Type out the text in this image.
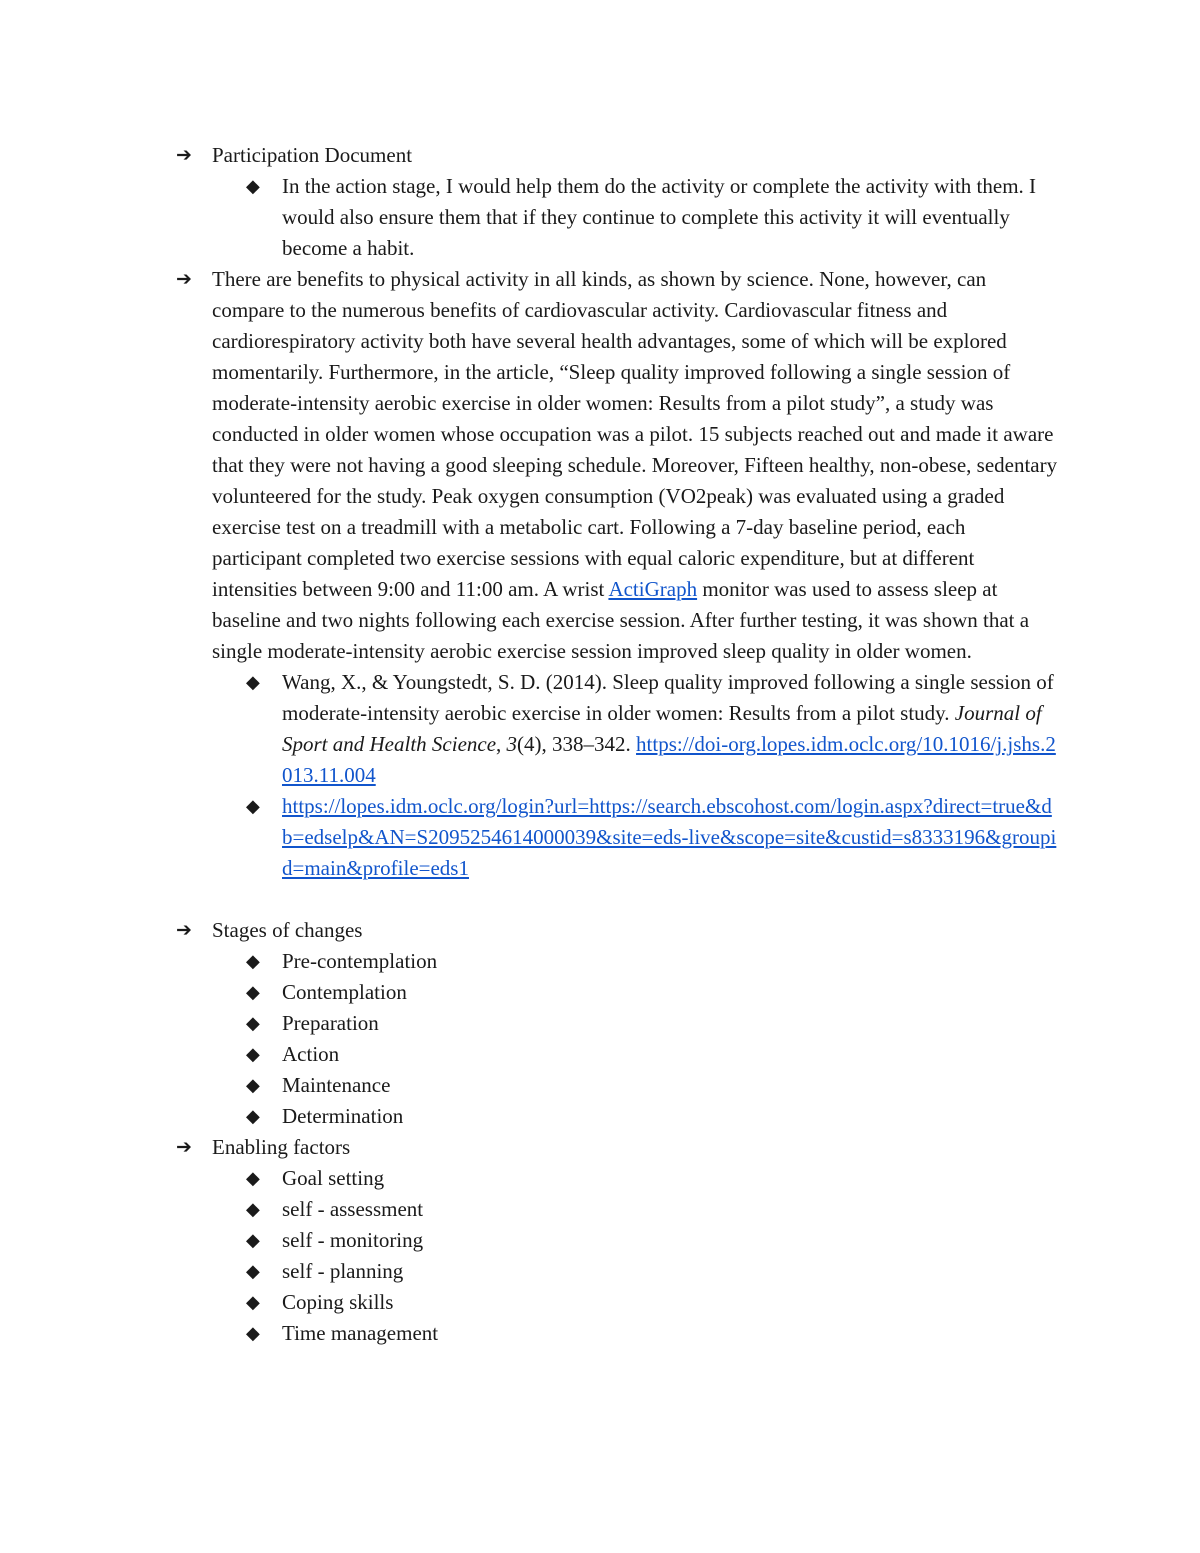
➔ Participation Document
◆ In the action stage, I would help them do the activity or complete the activity with them. I would also ensure them that if they continue to complete this activity it will eventually become a habit.
➔ There are benefits to physical activity in all kinds, as shown by science. None, however, can compare to the numerous benefits of cardiovascular activity. Cardiovascular fitness and cardiorespiratory activity both have several health advantages, some of which will be explored momentarily. Furthermore, in the article, “Sleep quality improved following a single session of moderate-intensity aerobic exercise in older women: Results from a pilot study”, a study was conducted in older women whose occupation was a pilot. 15 subjects reached out and made it aware that they were not having a good sleeping schedule. Moreover, Fifteen healthy, non-obese, sedentary volunteered for the study. Peak oxygen consumption (VO2peak) was evaluated using a graded exercise test on a treadmill with a metabolic cart. Following a 7-day baseline period, each participant completed two exercise sessions with equal caloric expenditure, but at different intensities between 9:00 and 11:00 am. A wrist ActiGraph monitor was used to assess sleep at baseline and two nights following each exercise session. After further testing, it was shown that a single moderate-intensity aerobic exercise session improved sleep quality in older women.
◆ Wang, X., & Youngstedt, S. D. (2014). Sleep quality improved following a single session of moderate-intensity aerobic exercise in older women: Results from a pilot study. Journal of Sport and Health Science, 3(4), 338–342. https://doi-org.lopes.idm.oclc.org/10.1016/j.jshs.2013.11.004
◆ https://lopes.idm.oclc.org/login?url=https://search.ebscohost.com/login.aspx?direct=true&db=edselp&AN=S2095254614000039&site=eds-live&scope=site&custid=s8333196&groupid=main&profile=eds1
➔ Stages of changes
◆ Pre-contemplation
◆ Contemplation
◆ Preparation
◆ Action
◆ Maintenance
◆ Determination
➔ Enabling factors
◆ Goal setting
◆ self - assessment
◆ self - monitoring
◆ self - planning
◆ Coping skills
◆ Time management
